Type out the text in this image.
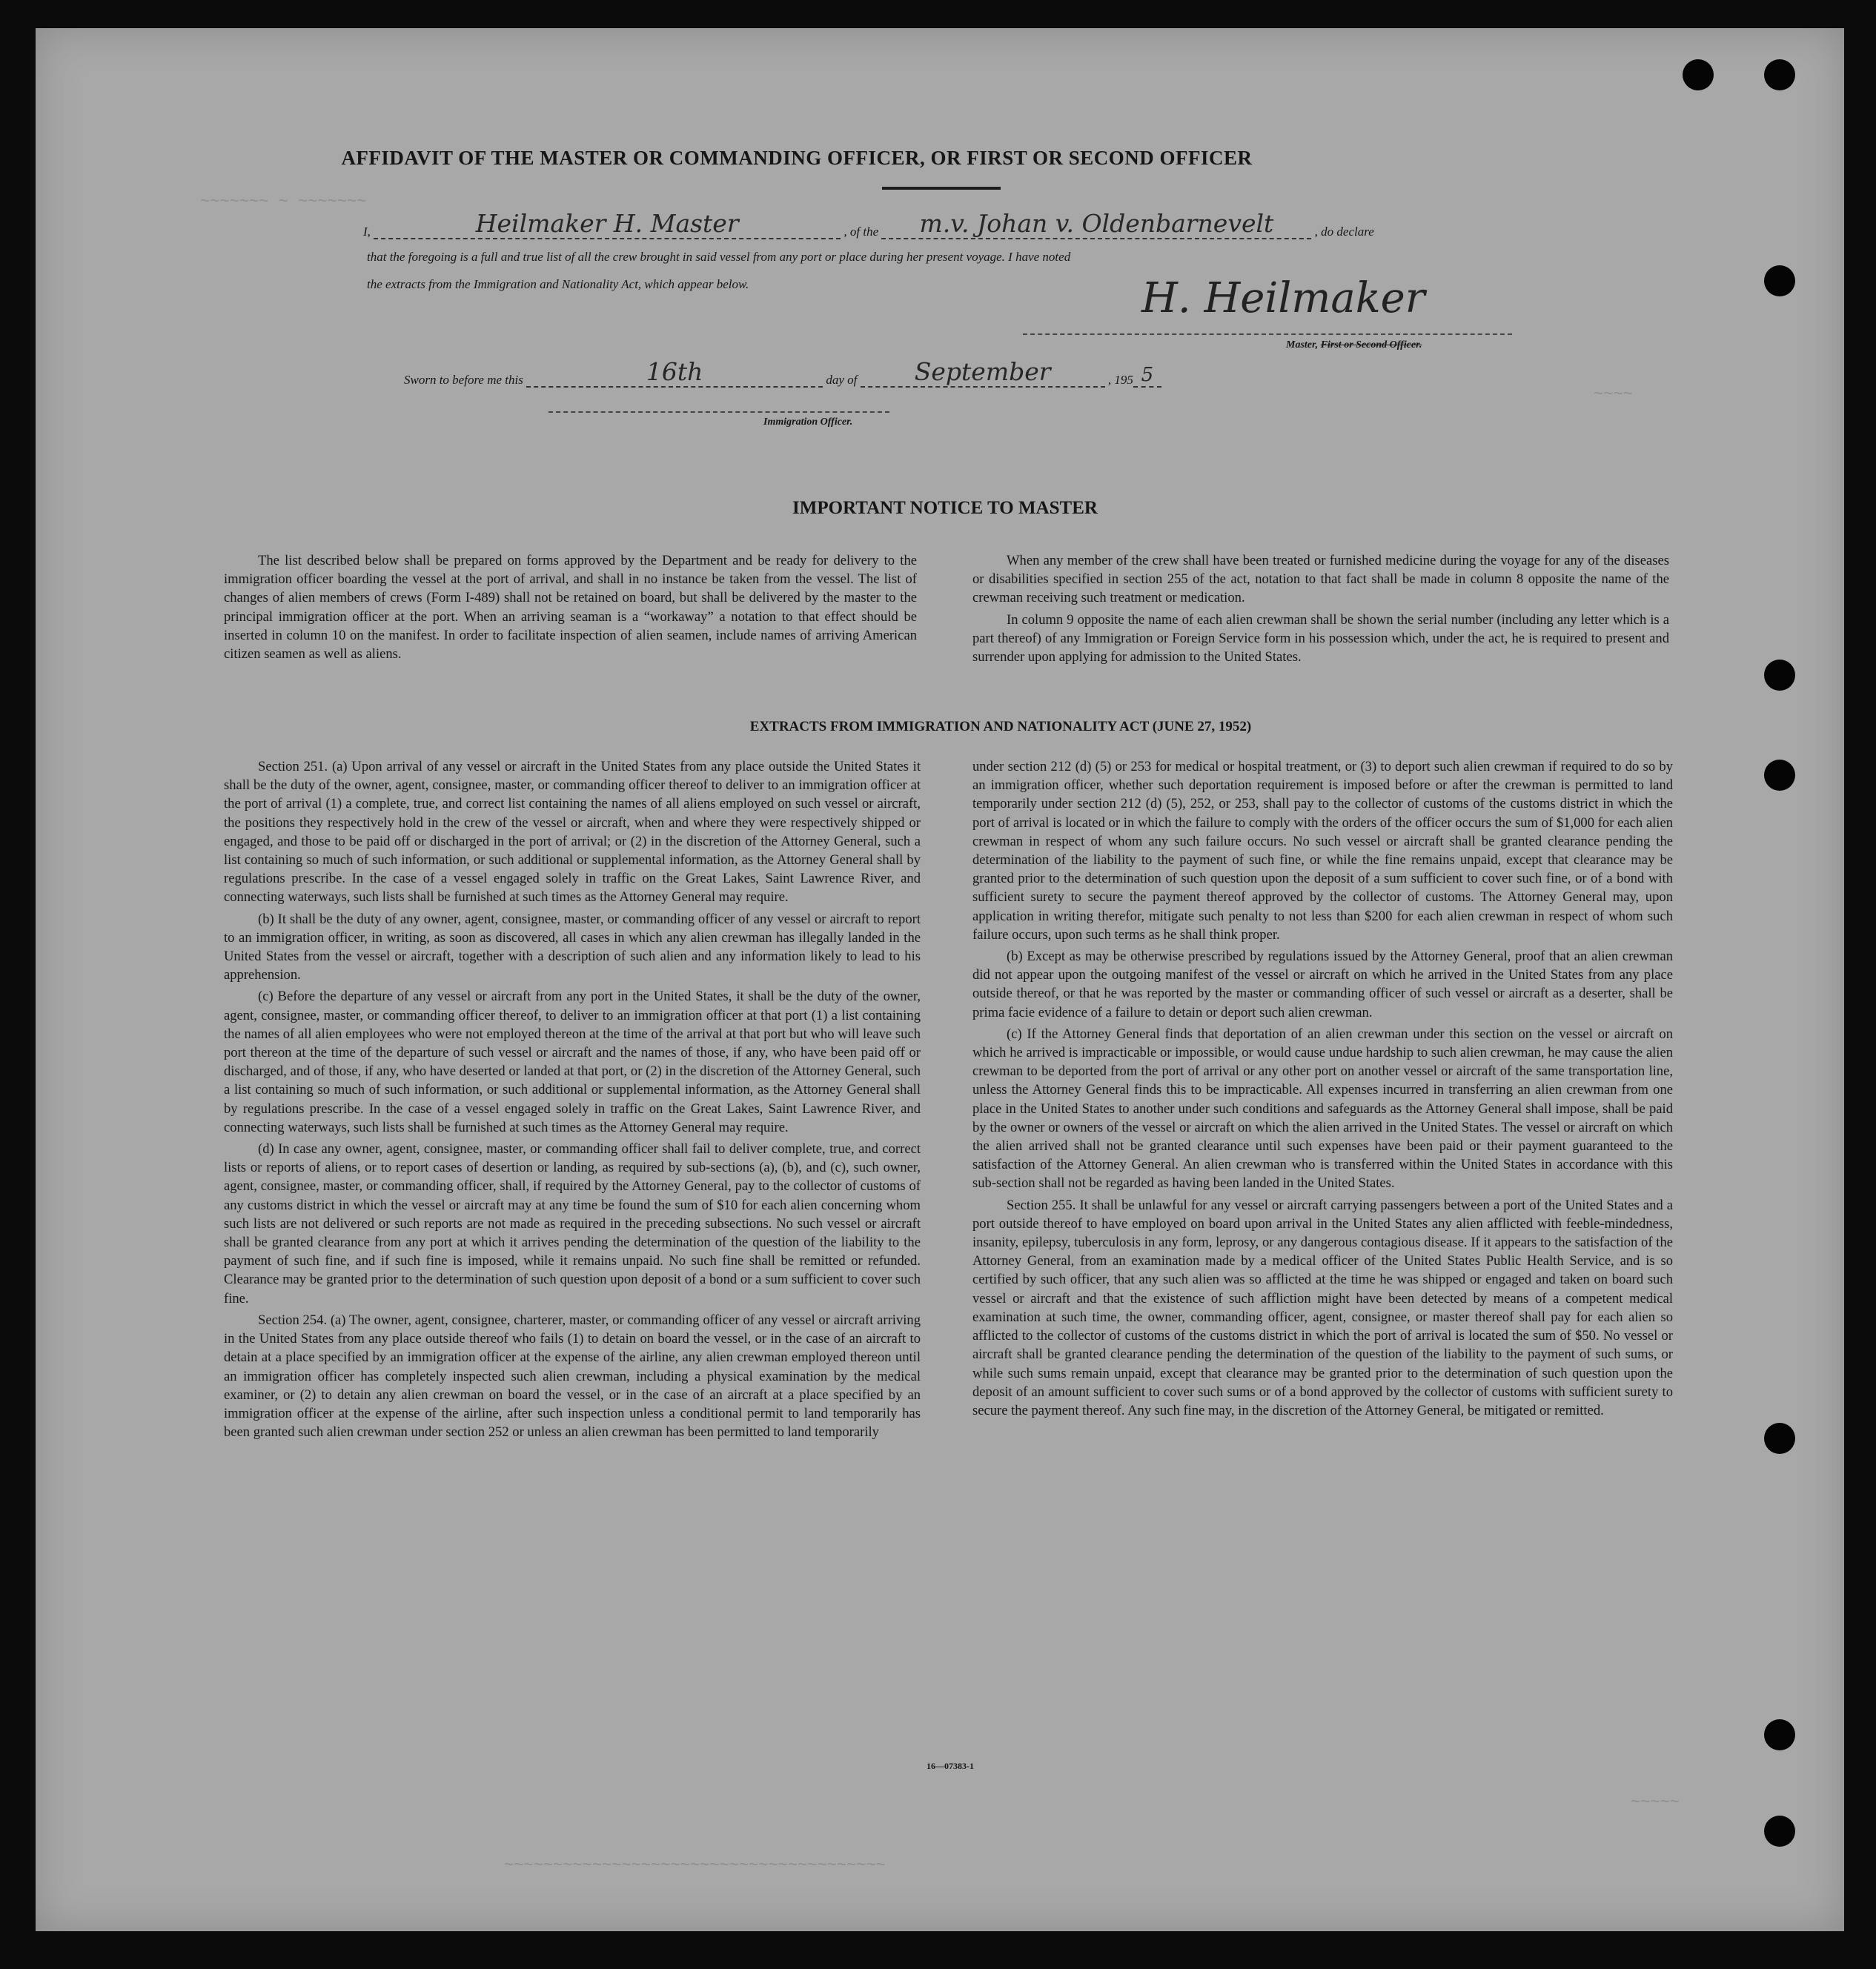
~~~~~~~ ~ ~~~~~~~
~~~~
~~~~~
~~~~~~~~~~~~~~~~~~~~~~~~~~~~~~~~~~~~~~~
AFFIDAVIT OF THE MASTER OR COMMANDING OFFICER, OR FIRST OR SECOND OFFICER
I,	Heilmaker H. Master	, of the m.v. Johan v. Oldenbarnevelt	, do declare
that the foregoing is a full and true list of all the crew brought in said vessel from any port or place during her present voyage. I have noted
the extracts from the Immigration and Nationality Act, which appear below.	H. Heilmaker
Master, First or Second Officer.
Sworn to before me this	16th	day of September	, 195 5
Immigration Officer.
IMPORTANT NOTICE TO MASTER

The list described below shall be prepared on forms approved by the Department and be ready for delivery to the immigration officer boarding the vessel at the port of arrival, and shall in no instance be taken from the vessel. The list of changes of alien members of crews (Form I-489) shall not be retained on board, but shall be delivered by the master to the principal immigration officer at the port. When an arriving seaman is a “workaway” a notation to that effect should be inserted in column 10 on the manifest. In order to facilitate inspection of alien seamen, include names of arriving American citizen seamen as well as aliens.

When any member of the crew shall have been treated or furnished medicine during the voyage for any of the diseases or disabilities specified in section 255 of the act, notation to that fact shall be made in column 8 opposite the name of the crewman receiving such treatment or medication.

In column 9 opposite the name of each alien crewman shall be shown the serial number (including any letter which is a part thereof) of any Immigration or Foreign Service form in his possession which, under the act, he is required to present and surrender upon applying for admission to the United States.

EXTRACTS FROM IMMIGRATION AND NATIONALITY ACT (JUNE 27, 1952)

Section 251. (a) Upon arrival of any vessel or aircraft in the United States from any place outside the United States it shall be the duty of the owner, agent, consignee, master, or commanding officer thereof to deliver to an immigration officer at the port of arrival (1) a complete, true, and correct list containing the names of all aliens employed on such vessel or aircraft, the positions they respectively hold in the crew of the vessel or aircraft, when and where they were respectively shipped or engaged, and those to be paid off or discharged in the port of arrival; or (2) in the discretion of the Attorney General, such a list containing so much of such information, or such additional or supplemental information, as the Attorney General shall by regulations prescribe. In the case of a vessel engaged solely in traffic on the Great Lakes, Saint Lawrence River, and connecting waterways, such lists shall be furnished at such times as the Attorney General may require.

(b) It shall be the duty of any owner, agent, consignee, master, or commanding officer of any vessel or aircraft to report to an immigration officer, in writing, as soon as discovered, all cases in which any alien crewman has illegally landed in the United States from the vessel or aircraft, together with a description of such alien and any information likely to lead to his apprehension.

(c) Before the departure of any vessel or aircraft from any port in the United States, it shall be the duty of the owner, agent, consignee, master, or commanding officer thereof, to deliver to an immigration officer at that port (1) a list containing the names of all alien employees who were not employed thereon at the time of the arrival at that port but who will leave such port thereon at the time of the departure of such vessel or aircraft and the names of those, if any, who have been paid off or discharged, and of those, if any, who have deserted or landed at that port, or (2) in the discretion of the Attorney General, such a list containing so much of such information, or such additional or supplemental information, as the Attorney General shall by regulations prescribe. In the case of a vessel engaged solely in traffic on the Great Lakes, Saint Lawrence River, and connecting waterways, such lists shall be furnished at such times as the Attorney General may require.

(d) In case any owner, agent, consignee, master, or commanding officer shall fail to deliver complete, true, and correct lists or reports of aliens, or to report cases of desertion or landing, as required by sub-sections (a), (b), and (c), such owner, agent, consignee, master, or commanding officer, shall, if required by the Attorney General, pay to the collector of customs of any customs district in which the vessel or aircraft may at any time be found the sum of $10 for each alien concerning whom such lists are not delivered or such reports are not made as required in the preceding subsections. No such vessel or aircraft shall be granted clearance from any port at which it arrives pending the determination of the question of the liability to the payment of such fine, and if such fine is imposed, while it remains unpaid. No such fine shall be remitted or refunded. Clearance may be granted prior to the determination of such question upon deposit of a bond or a sum sufficient to cover such fine.

Section 254. (a) The owner, agent, consignee, charterer, master, or commanding officer of any vessel or aircraft arriving in the United States from any place outside thereof who fails (1) to detain on board the vessel, or in the case of an aircraft to detain at a place specified by an immigration officer at the expense of the airline, any alien crewman employed thereon until an immigration officer has completely inspected such alien crewman, including a physical examination by the medical examiner, or (2) to detain any alien crewman on board the vessel, or in the case of an aircraft at a place specified by an immigration officer at the expense of the airline, after such inspection unless a conditional permit to land temporarily has been granted such alien crewman under section 252 or unless an alien crewman has been permitted to land temporarily

under section 212 (d) (5) or 253 for medical or hospital treatment, or (3) to deport such alien crewman if required to do so by an immigration officer, whether such deportation requirement is imposed before or after the crewman is permitted to land temporarily under section 212 (d) (5), 252, or 253, shall pay to the collector of customs of the customs district in which the port of arrival is located or in which the failure to comply with the orders of the officer occurs the sum of $1,000 for each alien crewman in respect of whom any such failure occurs. No such vessel or aircraft shall be granted clearance pending the determination of the liability to the payment of such fine, or while the fine remains unpaid, except that clearance may be granted prior to the determination of such question upon the deposit of a sum sufficient to cover such fine, or of a bond with sufficient surety to secure the payment thereof approved by the collector of customs. The Attorney General may, upon application in writing therefor, mitigate such penalty to not less than $200 for each alien crewman in respect of whom such failure occurs, upon such terms as he shall think proper.

(b) Except as may be otherwise prescribed by regulations issued by the Attorney General, proof that an alien crewman did not appear upon the outgoing manifest of the vessel or aircraft on which he arrived in the United States from any place outside thereof, or that he was reported by the master or commanding officer of such vessel or aircraft as a deserter, shall be prima facie evidence of a failure to detain or deport such alien crewman.

(c) If the Attorney General finds that deportation of an alien crewman under this section on the vessel or aircraft on which he arrived is impracticable or impossible, or would cause undue hardship to such alien crewman, he may cause the alien crewman to be deported from the port of arrival or any other port on another vessel or aircraft of the same transportation line, unless the Attorney General finds this to be impracticable. All expenses incurred in transferring an alien crewman from one place in the United States to another under such conditions and safeguards as the Attorney General shall impose, shall be paid by the owner or owners of the vessel or aircraft on which the alien arrived in the United States. The vessel or aircraft on which the alien arrived shall not be granted clearance until such expenses have been paid or their payment guaranteed to the satisfaction of the Attorney General. An alien crewman who is transferred within the United States in accordance with this sub-section shall not be regarded as having been landed in the United States.

Section 255. It shall be unlawful for any vessel or aircraft carrying passengers between a port of the United States and a port outside thereof to have employed on board upon arrival in the United States any alien afflicted with feeble-mindedness, insanity, epilepsy, tuberculosis in any form, leprosy, or any dangerous contagious disease. If it appears to the satisfaction of the Attorney General, from an examination made by a medical officer of the United States Public Health Service, and is so certified by such officer, that any such alien was so afflicted at the time he was shipped or engaged and taken on board such vessel or aircraft and that the existence of such affliction might have been detected by means of a competent medical examination at such time, the owner, commanding officer, agent, consignee, or master thereof shall pay for each alien so afflicted to the collector of customs of the customs district in which the port of arrival is located the sum of $50. No vessel or aircraft shall be granted clearance pending the determination of the question of the liability to the payment of such sums, or while such sums remain unpaid, except that clearance may be granted prior to the determination of such question upon the deposit of an amount sufficient to cover such sums or of a bond approved by the collector of customs with sufficient surety to secure the payment thereof. Any such fine may, in the discretion of the Attorney General, be mitigated or remitted.

16—07383-1
